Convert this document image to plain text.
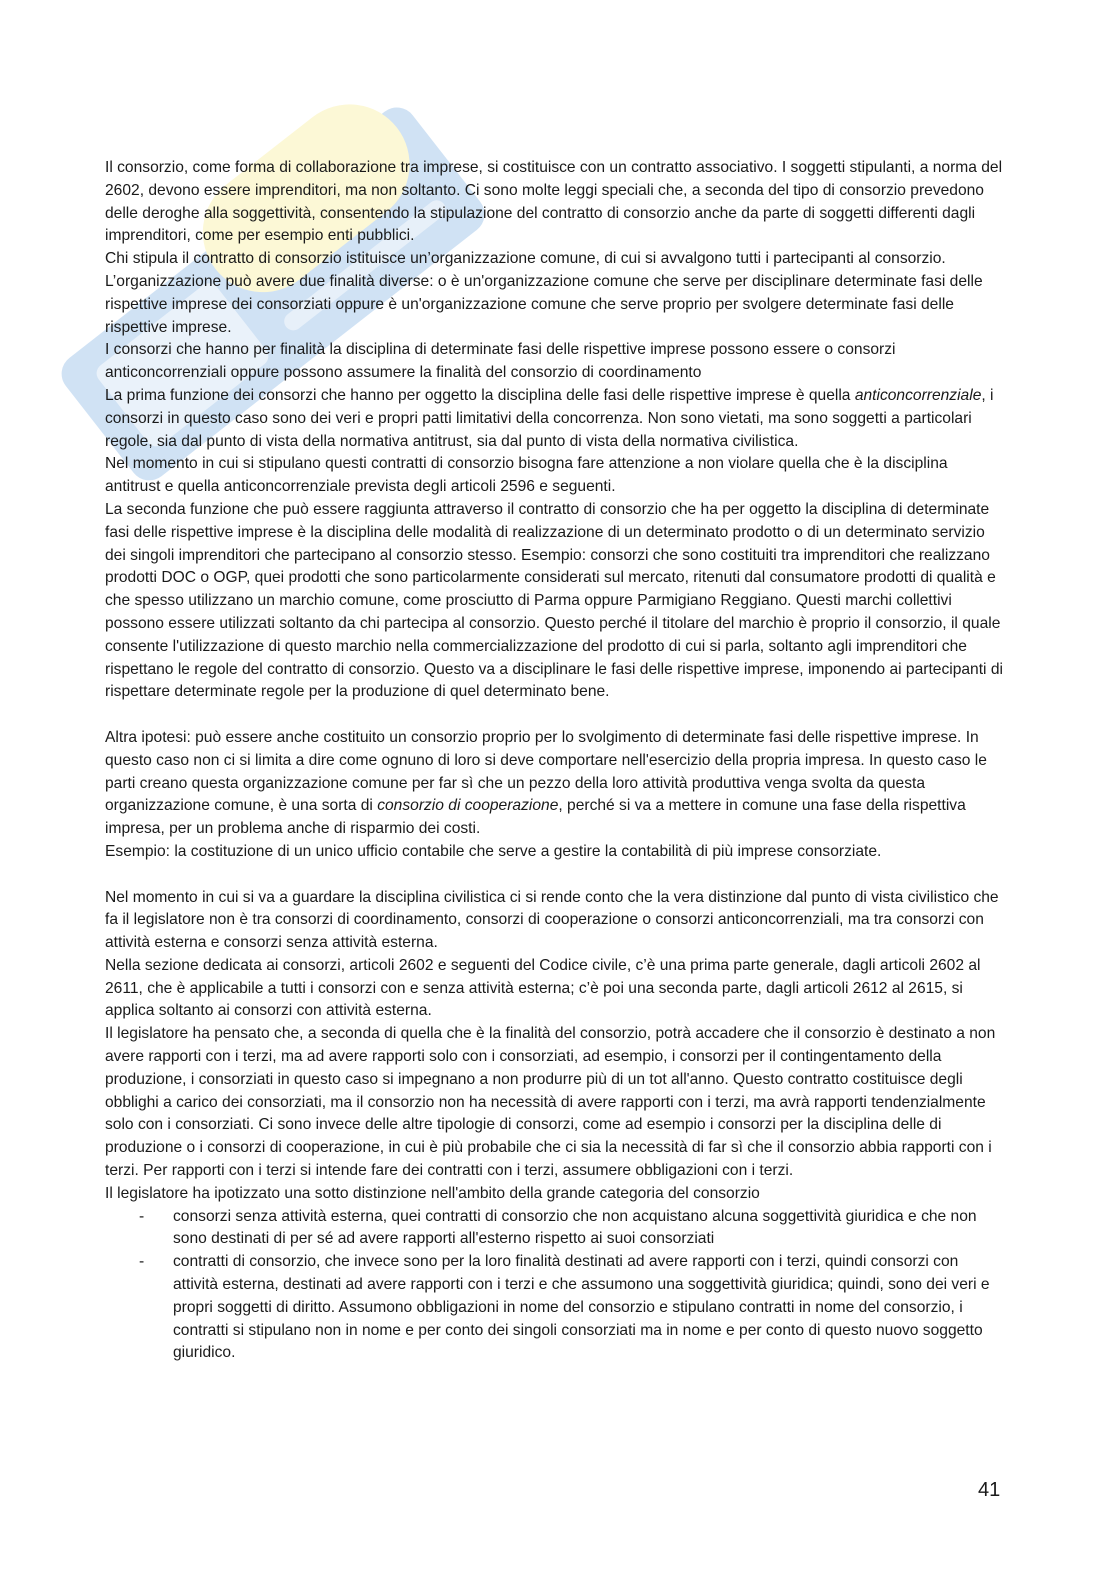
Il consorzio, come forma di collaborazione tra imprese, si costituisce con un contratto associativo. I soggetti stipulanti, a norma del 2602, devono essere imprenditori, ma non soltanto. Ci sono molte leggi speciali che, a seconda del tipo di consorzio prevedono delle deroghe alla soggettività, consentendo la stipulazione del contratto di consorzio anche da parte di soggetti differenti dagli imprenditori, come per esempio enti pubblici.

Chi stipula il contratto di consorzio istituisce un’organizzazione comune, di cui si avvalgono tutti i partecipanti al consorzio.

L’organizzazione può avere due finalità diverse: o è un'organizzazione comune che serve per disciplinare determinate fasi delle rispettive imprese dei consorziati oppure è un'organizzazione comune che serve proprio per svolgere determinate fasi delle rispettive imprese.

I consorzi che hanno per finalità la disciplina di determinate fasi delle rispettive imprese possono essere o consorzi anticoncorrenziali oppure possono assumere la finalità del consorzio di coordinamento

La prima funzione dei consorzi che hanno per oggetto la disciplina delle fasi delle rispettive imprese è quella anticoncorrenziale, i consorzi in questo caso sono dei veri e propri patti limitativi della concorrenza. Non sono vietati, ma sono soggetti a particolari regole, sia dal punto di vista della normativa antitrust, sia dal punto di vista della normativa civilistica.

Nel momento in cui si stipulano questi contratti di consorzio bisogna fare attenzione a non violare quella che è la disciplina antitrust e quella anticoncorrenziale prevista degli articoli 2596 e seguenti.

La seconda funzione che può essere raggiunta attraverso il contratto di consorzio che ha per oggetto la disciplina di determinate fasi delle rispettive imprese è la disciplina delle modalità di realizzazione di un determinato prodotto o di un determinato servizio dei singoli imprenditori che partecipano al consorzio stesso. Esempio: consorzi che sono costituiti tra imprenditori che realizzano prodotti DOC o OGP, quei prodotti che sono particolarmente considerati sul mercato, ritenuti dal consumatore prodotti di qualità e che spesso utilizzano un marchio comune, come prosciutto di Parma oppure Parmigiano Reggiano. Questi marchi collettivi possono essere utilizzati soltanto da chi partecipa al consorzio. Questo perché il titolare del marchio è proprio il consorzio, il quale consente l'utilizzazione di questo marchio nella commercializzazione del prodotto di cui si parla, soltanto agli imprenditori che rispettano le regole del contratto di consorzio. Questo va a disciplinare le fasi delle rispettive imprese, imponendo ai partecipanti di rispettare determinate regole per la produzione di quel determinato bene.

Altra ipotesi: può essere anche costituito un consorzio proprio per lo svolgimento di determinate fasi delle rispettive imprese. In questo caso non ci si limita a dire come ognuno di loro si deve comportare nell'esercizio della propria impresa. In questo caso le parti creano questa organizzazione comune per far sì che un pezzo della loro attività produttiva venga svolta da questa organizzazione comune, è una sorta di consorzio di cooperazione, perché si va a mettere in comune una fase della rispettiva impresa, per un problema anche di risparmio dei costi.

Esempio: la costituzione di un unico ufficio contabile che serve a gestire la contabilità di più imprese consorziate.

Nel momento in cui si va a guardare la disciplina civilistica ci si rende conto che la vera distinzione dal punto di vista civilistico che fa il legislatore non è tra consorzi di coordinamento, consorzi di cooperazione o consorzi anticoncorrenziali, ma tra consorzi con attività esterna e consorzi senza attività esterna.

Nella sezione dedicata ai consorzi, articoli 2602 e seguenti del Codice civile, c’è una prima parte generale, dagli articoli 2602 al 2611, che è applicabile a tutti i consorzi con e senza attività esterna; c’è poi una seconda parte, dagli articoli 2612 al 2615, si applica soltanto ai consorzi con attività esterna.

Il legislatore ha pensato che, a seconda di quella che è la finalità del consorzio, potrà accadere che il consorzio è destinato a non avere rapporti con i terzi, ma ad avere rapporti solo con i consorziati, ad esempio, i consorzi per il contingentamento della produzione, i consorziati in questo caso si impegnano a non produrre più di un tot all'anno. Questo contratto costituisce degli obblighi a carico dei consorziati, ma il consorzio non ha necessità di avere rapporti con i terzi, ma avrà rapporti tendenzialmente solo con i consorziati. Ci sono invece delle altre tipologie di consorzi, come ad esempio i consorzi per la disciplina delle di produzione o i consorzi di cooperazione, in cui è più probabile che ci sia la necessità di far sì che il consorzio abbia rapporti con i terzi. Per rapporti con i terzi si intende fare dei contratti con i terzi, assumere obbligazioni con i terzi.

Il legislatore ha ipotizzato una sotto distinzione nell'ambito della grande categoria del consorzio

- consorzi senza attività esterna, quei contratti di consorzio che non acquistano alcuna soggettività giuridica e che non sono destinati di per sé ad avere rapporti all'esterno rispetto ai suoi consorziati
- contratti di consorzio, che invece sono per la loro finalità destinati ad avere rapporti con i terzi, quindi consorzi con attività esterna, destinati ad avere rapporti con i terzi e che assumono una soggettività giuridica; quindi, sono dei veri e propri soggetti di diritto. Assumono obbligazioni in nome del consorzio e stipulano contratti in nome del consorzio, i contratti si stipulano non in nome e per conto dei singoli consorziati ma in nome e per conto di questo nuovo soggetto giuridico.
41
